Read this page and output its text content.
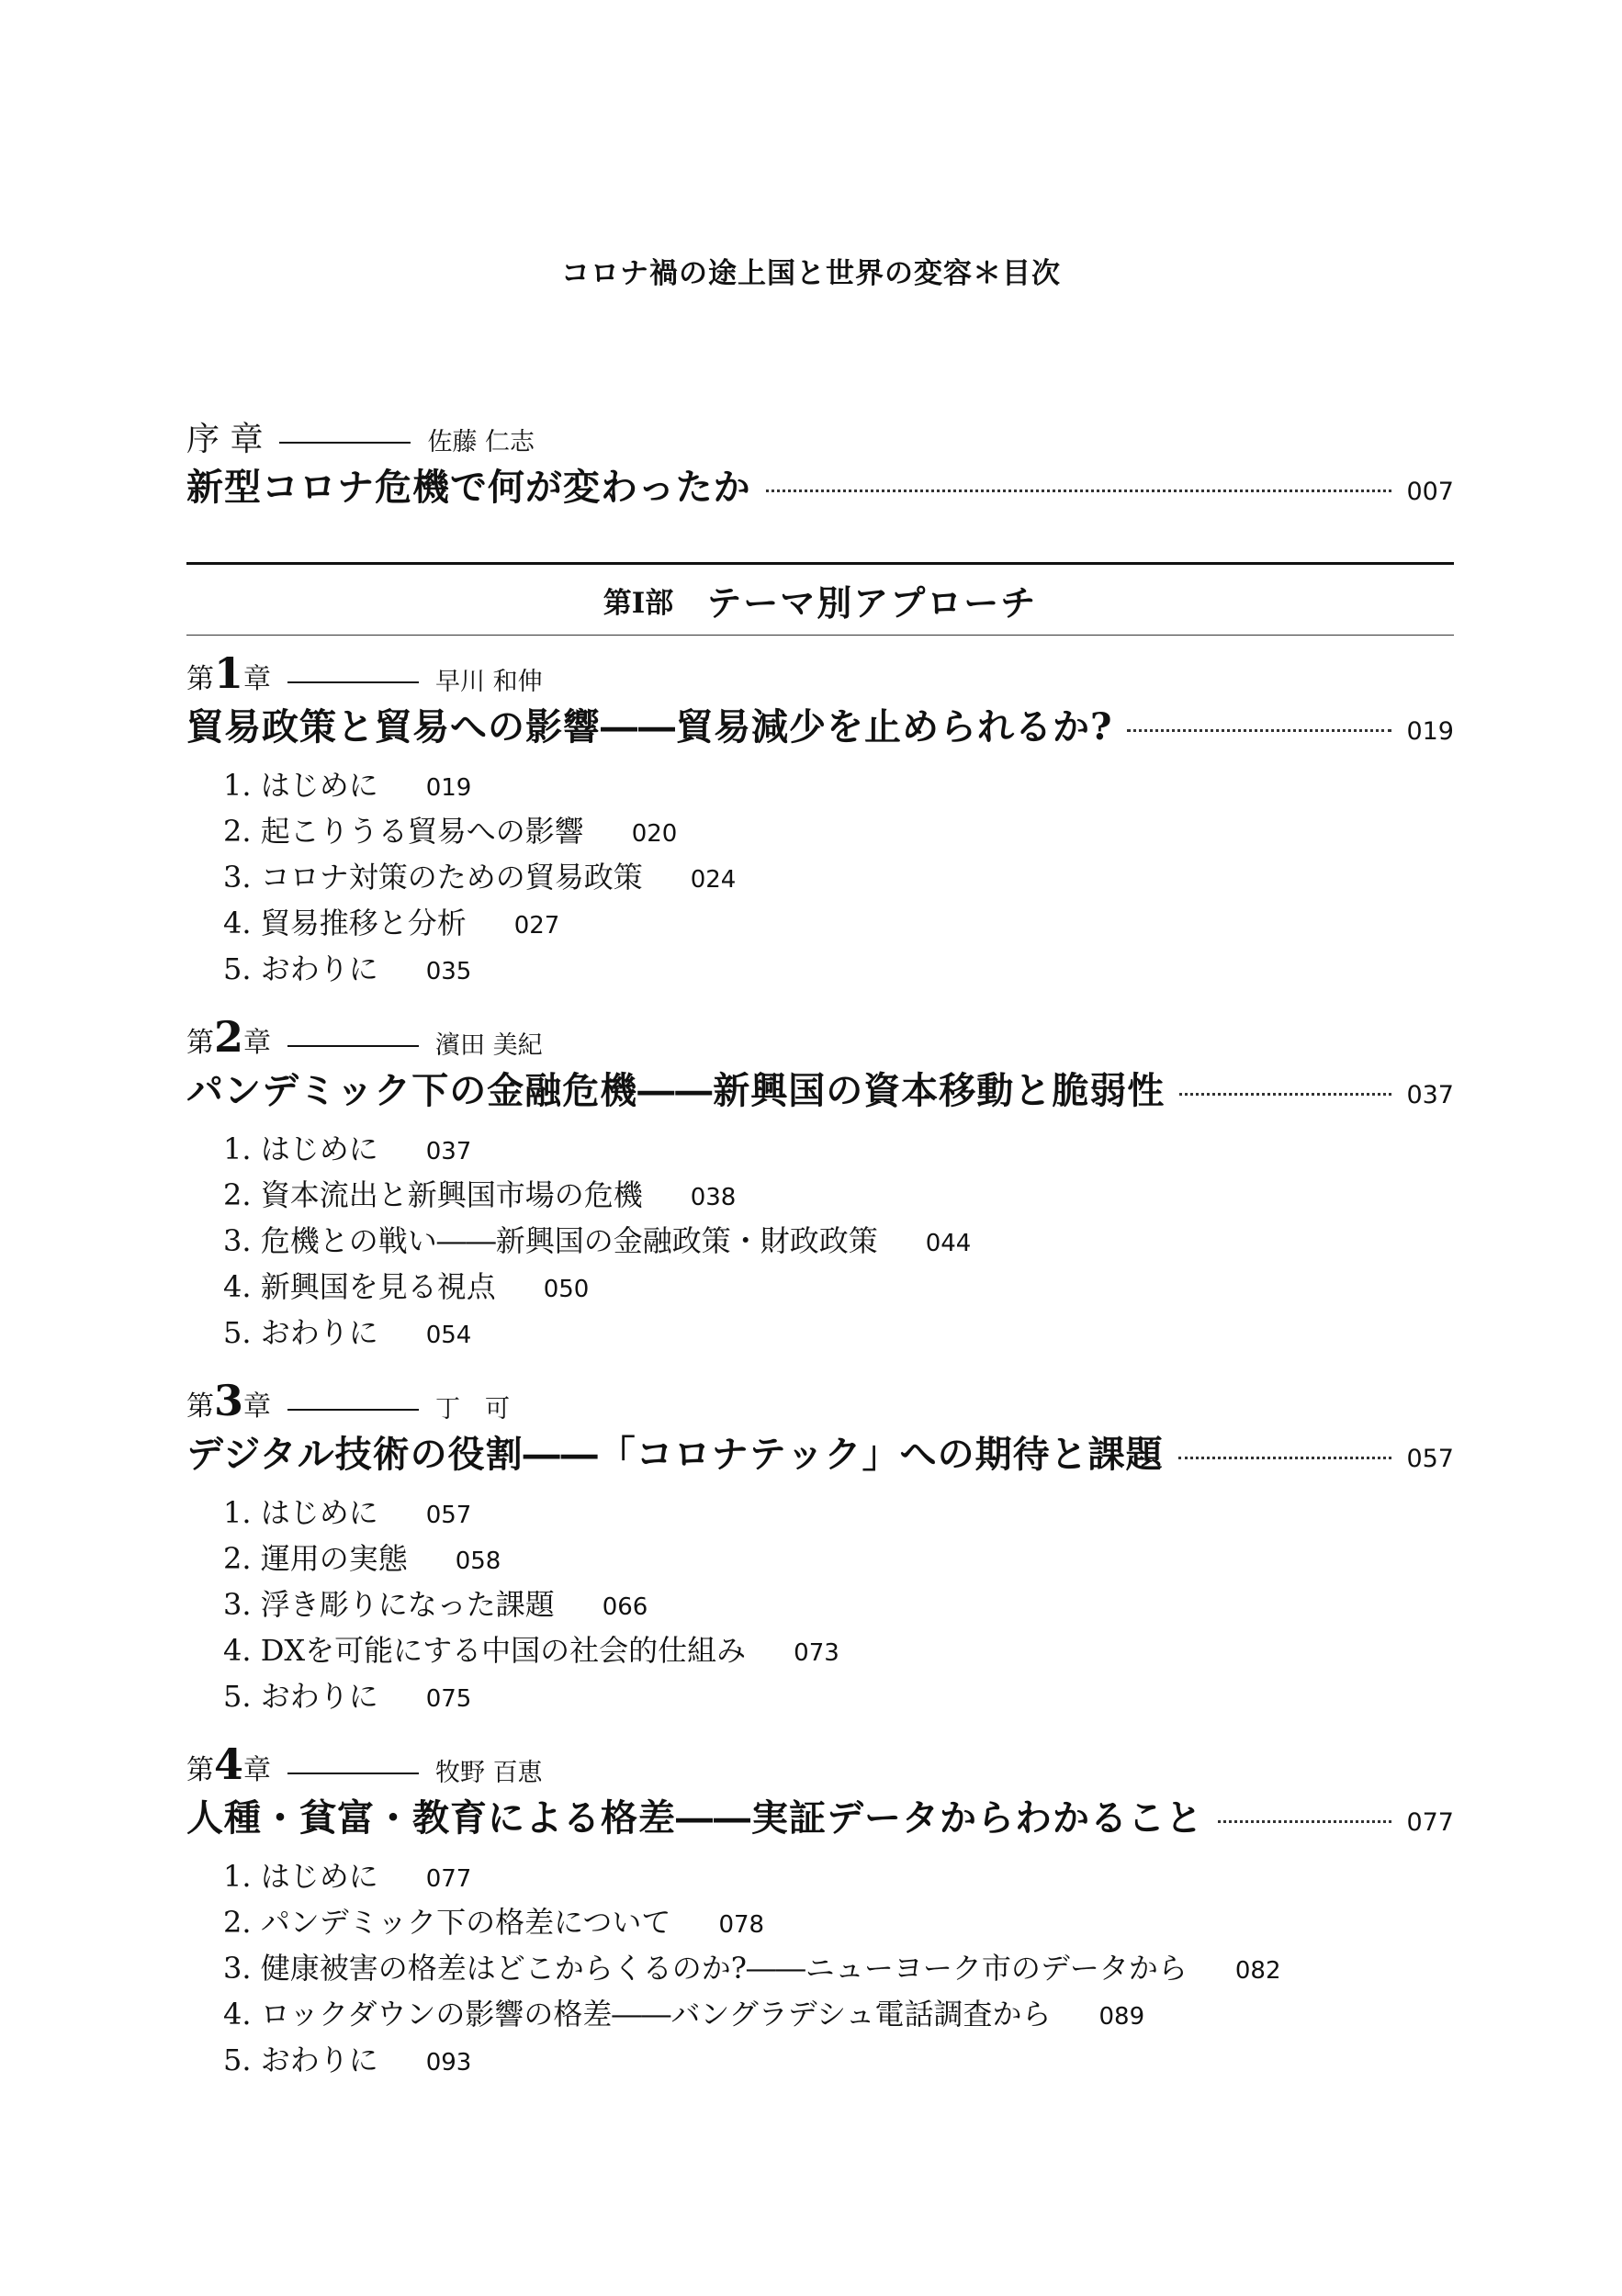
コロナ禍の途上国と世界の変容＊目次
序 章	佐藤 仁志
新型コロナ危機で何が変わったか	007
第Ⅰ部 テーマ別アプローチ
第1章	早川 和伸
貿易政策と貿易への影響――貿易減少を止められるか?	019
1. はじめに 019
2. 起こりうる貿易への影響 020
3. コロナ対策のための貿易政策 024
4. 貿易推移と分析 027
5. おわりに 035
第2章	濱田 美紀
パンデミック下の金融危機――新興国の資本移動と脆弱性	037
1. はじめに 037
2. 資本流出と新興国市場の危機 038
3. 危機との戦い――新興国の金融政策・財政政策 044
4. 新興国を見る視点 050
5. おわりに 054
第3章	丁　可
デジタル技術の役割――「コロナテック」への期待と課題	057
1. はじめに 057
2. 運用の実態 058
3. 浮き彫りになった課題 066
4. DXを可能にする中国の社会的仕組み 073
5. おわりに 075
第4章	牧野 百恵
人種・貧富・教育による格差――実証データからわかること	077
1. はじめに 077
2. パンデミック下の格差について 078
3. 健康被害の格差はどこからくるのか?――ニューヨーク市のデータから 082
4. ロックダウンの影響の格差――バングラデシュ電話調査から 089
5. おわりに 093
